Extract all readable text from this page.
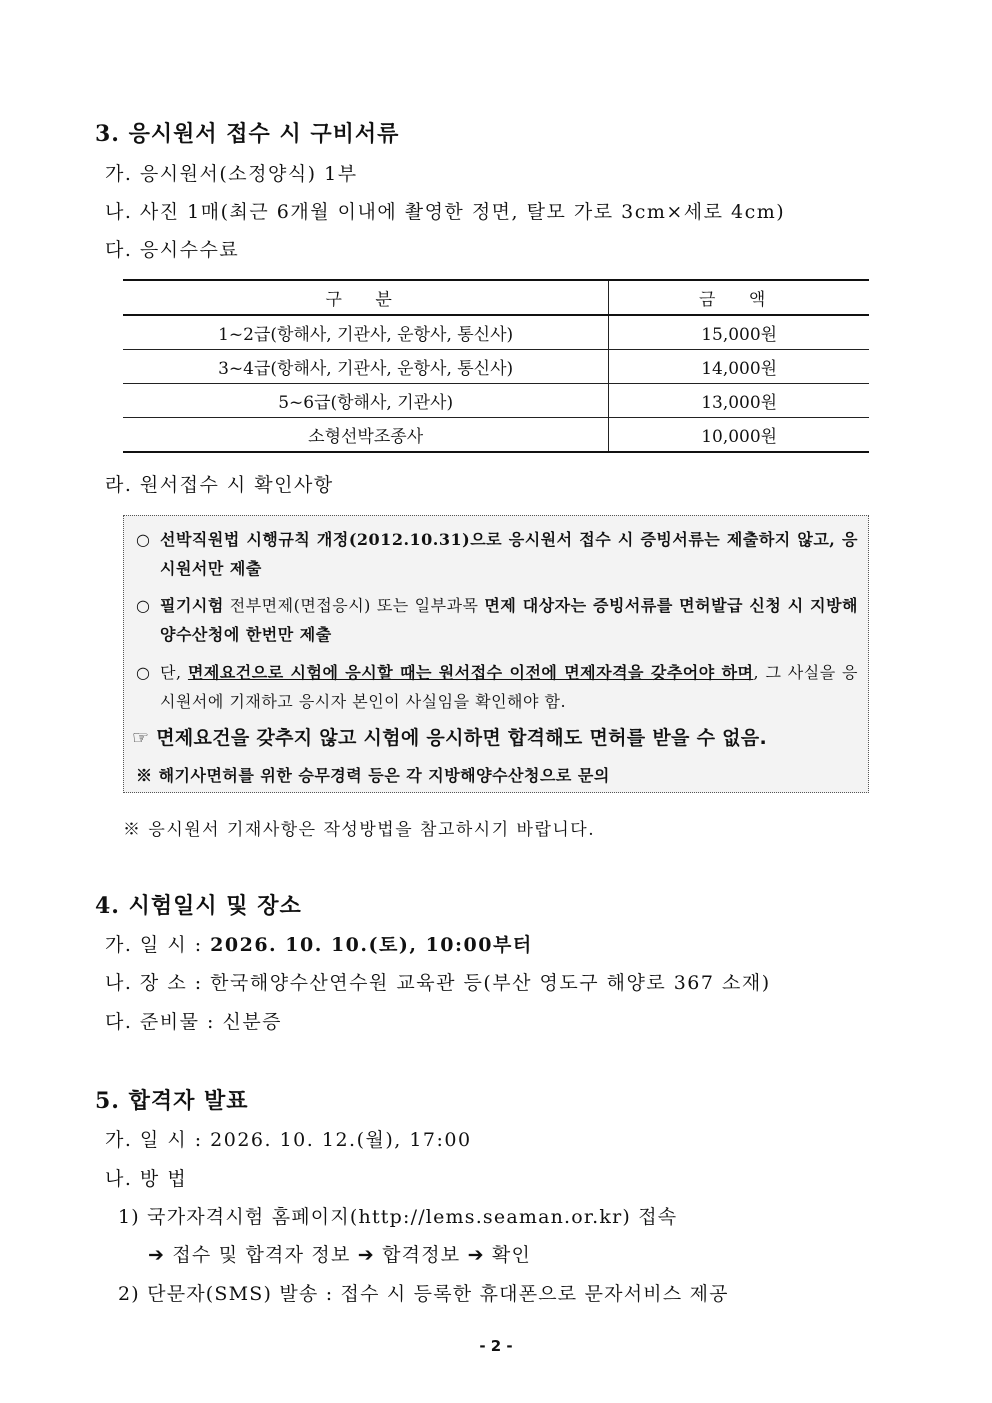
3. 응시원서 접수 시 구비서류
가. 응시원서(소정양식) 1부
나. 사진 1매(최근 6개월 이내에 촬영한 정면, 탈모 가로 3cm×세로 4cm)
다. 응시수수료
구 분	금 액
1~2급(항해사, 기관사, 운항사, 통신사)	15,000원
3~4급(항해사, 기관사, 운항사, 통신사)	14,000원
5~6급(항해사, 기관사)	13,000원
소형선박조종사	10,000원
라. 원서접수 시 확인사항
○ 선박직원법 시행규칙 개정(2012.10.31)으로 응시원서 접수 시 증빙서류는 제출하지 않고, 응시원서만 제출
○ 필기시험 전부면제(면접응시) 또는 일부과목 면제 대상자는 증빙서류를 면허발급 신청 시 지방해양수산청에 한번만 제출
○ 단, 면제요건으로 시험에 응시할 때는 원서접수 이전에 면제자격을 갖추어야 하며, 그 사실을 응시원서에 기재하고 응시자 본인이 사실임을 확인해야 함.
☞ 면제요건을 갖추지 않고 시험에 응시하면 합격해도 면허를 받을 수 없음.
※ 해기사면허를 위한 승무경력 등은 각 지방해양수산청으로 문의
※ 응시원서 기재사항은 작성방법을 참고하시기 바랍니다.
4. 시험일시 및 장소
가. 일 시 : 2026. 10. 10.(토), 10:00부터
나. 장 소 : 한국해양수산연수원 교육관 등(부산 영도구 해양로 367 소재)
다. 준비물 : 신분증
5. 합격자 발표
가. 일 시 : 2026. 10. 12.(월), 17:00
나. 방 법
1) 국가자격시험 홈페이지(http://lems.seaman.or.kr) 접속
➔ 접수 및 합격자 정보 ➔ 합격정보 ➔ 확인
2) 단문자(SMS) 발송 : 접수 시 등록한 휴대폰으로 문자서비스 제공
- 2 -
